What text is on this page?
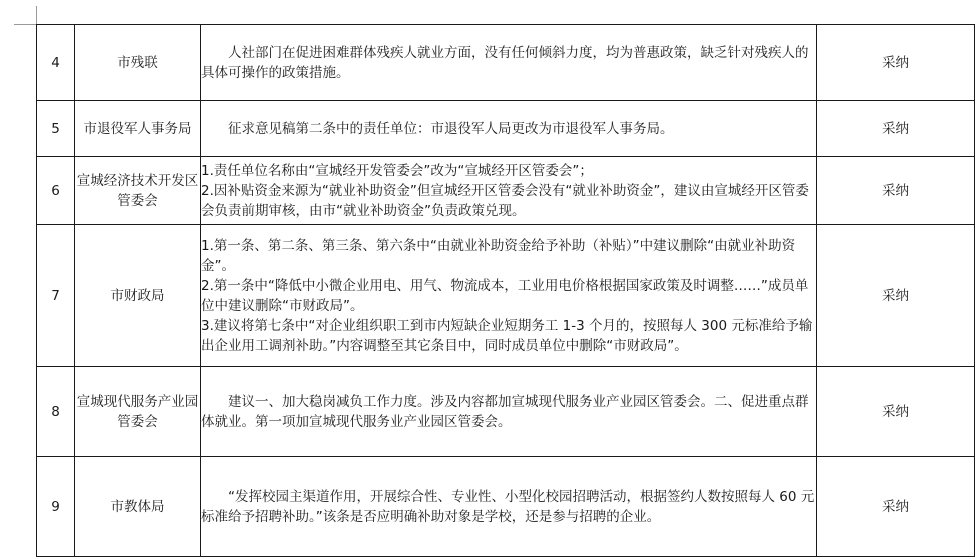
4	市残联	人社部门在促进困难群体残疾人就业方面，没有任何倾斜力度，均为普惠政策，缺乏针对残疾人的具体可操作的政策措施。	采纳
5	市退役军人事务局	征求意见稿第二条中的责任单位：市退役军人局更改为市退役军人事务局。	采纳
6	宣城经济技术开发区管委会	1.责任单位名称由“宣城经开发管委会”改为“宣城经开区管委会”；
2.因补贴资金来源为“就业补助资金”但宣城经开区管委会没有“就业补助资金”，建议由宣城经开区管委会负责前期审核，由市“就业补助资金”负责政策兑现。	采纳
7	市财政局	1.第一条、第二条、第三条、第六条中“由就业补助资金给予补助（补贴）”中建议删除“由就业补助资金”。
2.第一条中“降低中小微企业用电、用气、物流成本，工业用电价格根据国家政策及时调整……”成员单位中建议删除“市财政局”。
3.建议将第七条中“对企业组织职工到市内短缺企业短期务工 1-3 个月的，按照每人 300 元标准给予输出企业用工调剂补助。”内容调整至其它条目中，同时成员单位中删除“市财政局”。	采纳
8	宣城现代服务产业园管委会	建议一、加大稳岗减负工作力度。涉及内容都加宣城现代服务业产业园区管委会。二、促进重点群体就业。第一项加宣城现代服务业产业园区管委会。	采纳
9	市教体局	“发挥校园主渠道作用，开展综合性、专业性、小型化校园招聘活动，根据签约人数按照每人 60 元标准给予招聘补助。”该条是否应明确补助对象是学校，还是参与招聘的企业。	采纳
